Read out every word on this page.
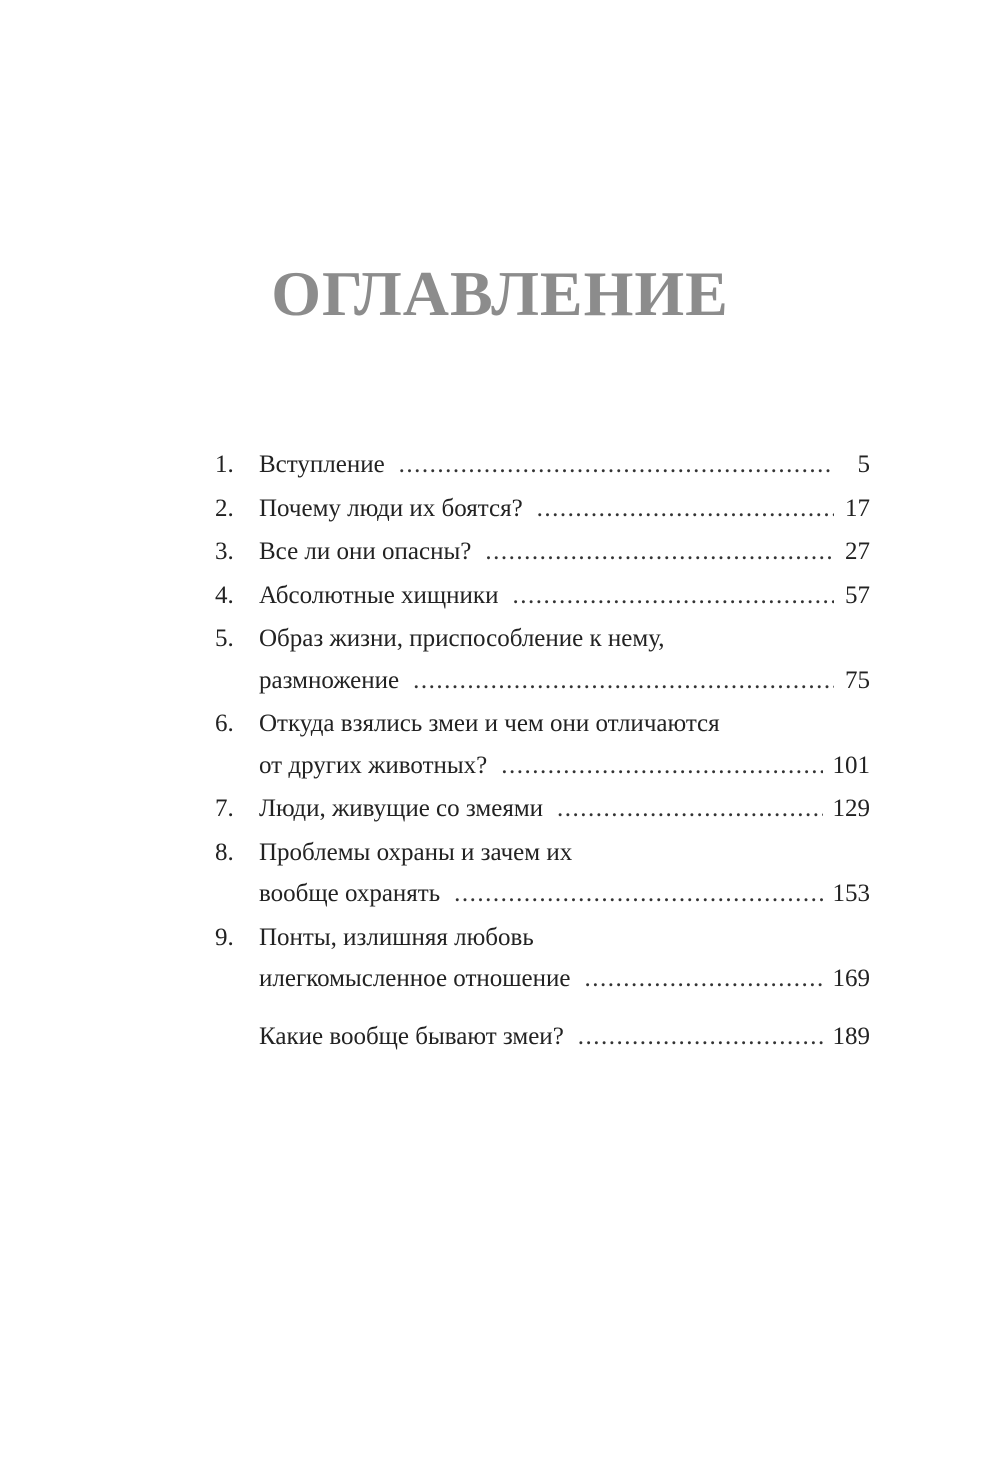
ОГЛАВЛЕНИЕ
1.	Вступление .....	5
2.	Почему люди их боятся? .....	17
3.	Все ли они опасны? .....	27
4.	Абсолютные хищники .....	57
5.	Образ жизни, приспособление к нему,
размножение .....	75
6.	Откуда взялись змеи и чем они отличаются
от других животных? .....	101
7.	Люди, живущие со змеями .....	129
8.	Проблемы охраны и зачем их
вообще охранять .....	153
9.	Понты, излишняя любовь
илегкомысленное отношение .....	169
Какие вообще бывают змеи? .....	189
